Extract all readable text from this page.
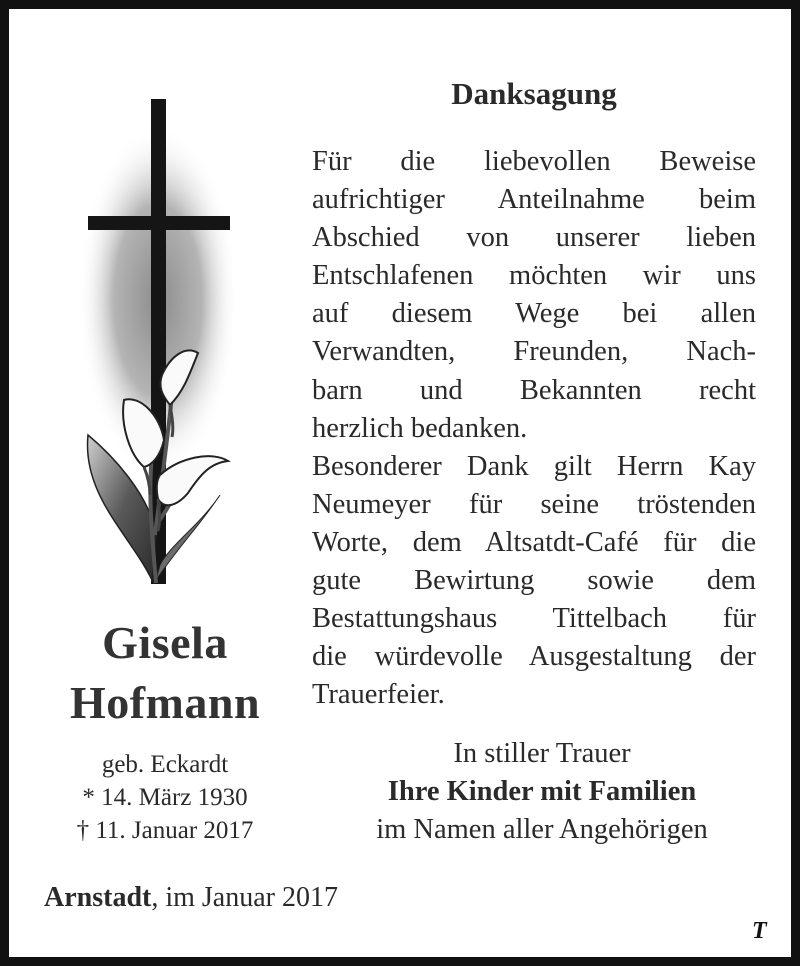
Gisela
Hofmann
geb. Eckardt
* 14. März 1930
† 11. Januar 2017
Danksagung
Für die liebevollen Beweise
aufrichtiger Anteilnahme beim
Abschied von unserer lieben
Entschlafenen möchten wir uns
auf diesem Wege bei allen
Verwandten, Freunden, Nach-
barn und Bekannten recht
herzlich bedanken.
Besonderer Dank gilt Herrn Kay
Neumeyer für seine tröstenden
Worte, dem Altsatdt-Café für die
gute Bewirtung sowie dem
Bestattungshaus Tittelbach für
die würdevolle Ausgestaltung der
Trauerfeier.
In stiller Trauer
Ihre Kinder mit Familien
im Namen aller Angehörigen
Arnstadt, im Januar 2017
T
